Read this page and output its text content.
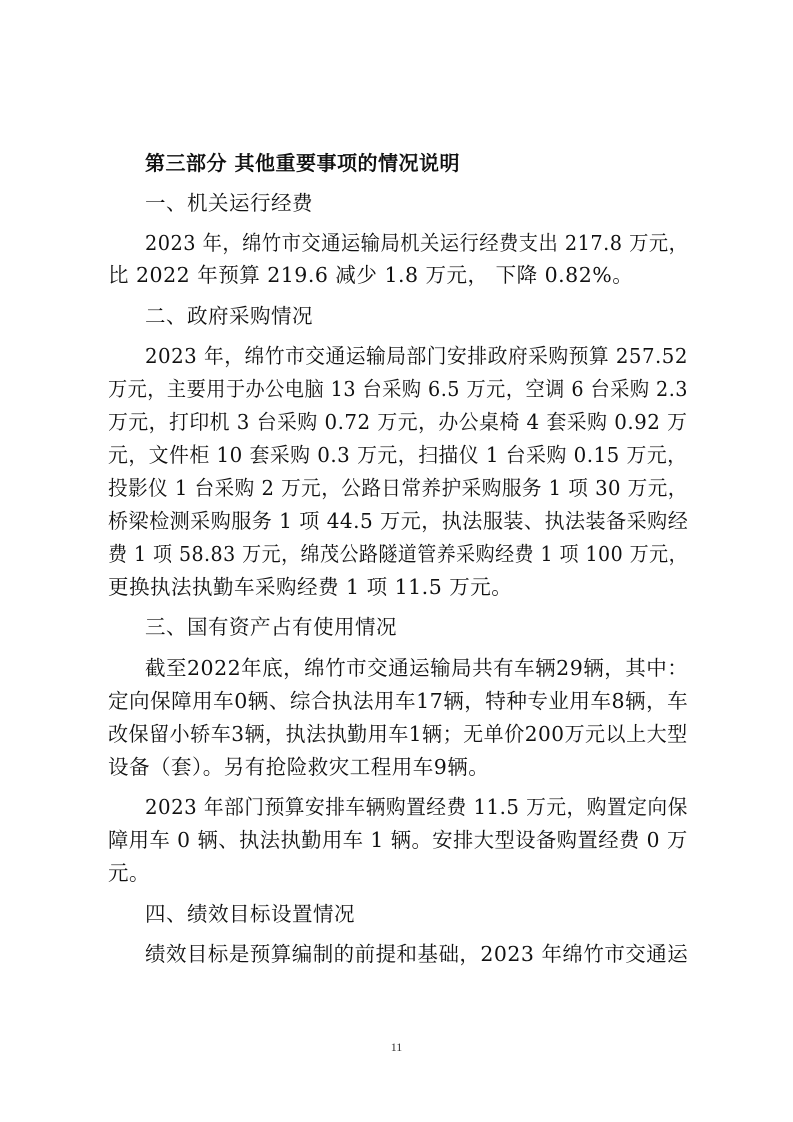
第三部分 其他重要事项的情况说明
一、机关运行经费
2023 年，绵竹市交通运输局机关运行经费支出 217.8 万元，
比 2022 年预算 219.6 减少 1.8 万元， 下降 0.82%。
二、政府采购情况
2023 年，绵竹市交通运输局部门安排政府采购预算 257.52
万元，主要用于办公电脑 13 台采购 6.5 万元，空调 6 台采购 2.3
万元，打印机 3 台采购 0.72 万元，办公桌椅 4 套采购 0.92 万
元，文件柜 10 套采购 0.3 万元，扫描仪 1 台采购 0.15 万元，
投影仪 1 台采购 2 万元，公路日常养护采购服务 1 项 30 万元，
桥梁检测采购服务 1 项 44.5 万元，执法服装、执法装备采购经
费 1 项 58.83 万元，绵茂公路隧道管养采购经费 1 项 100 万元，
更换执法执勤车采购经费 1 项 11.5 万元。
三、国有资产占有使用情况
截至2022年底，绵竹市交通运输局共有车辆29辆，其中：
定向保障用车0辆、综合执法用车17辆，特种专业用车8辆，车
改保留小轿车3辆，执法执勤用车1辆；无单价200万元以上大型
设备（套）。另有抢险救灾工程用车9辆。
2023 年部门预算安排车辆购置经费 11.5 万元，购置定向保
障用车 0 辆、执法执勤用车 1 辆。安排大型设备购置经费 0 万
元。
四、绩效目标设置情况
绩效目标是预算编制的前提和基础，2023 年绵竹市交通运
11
